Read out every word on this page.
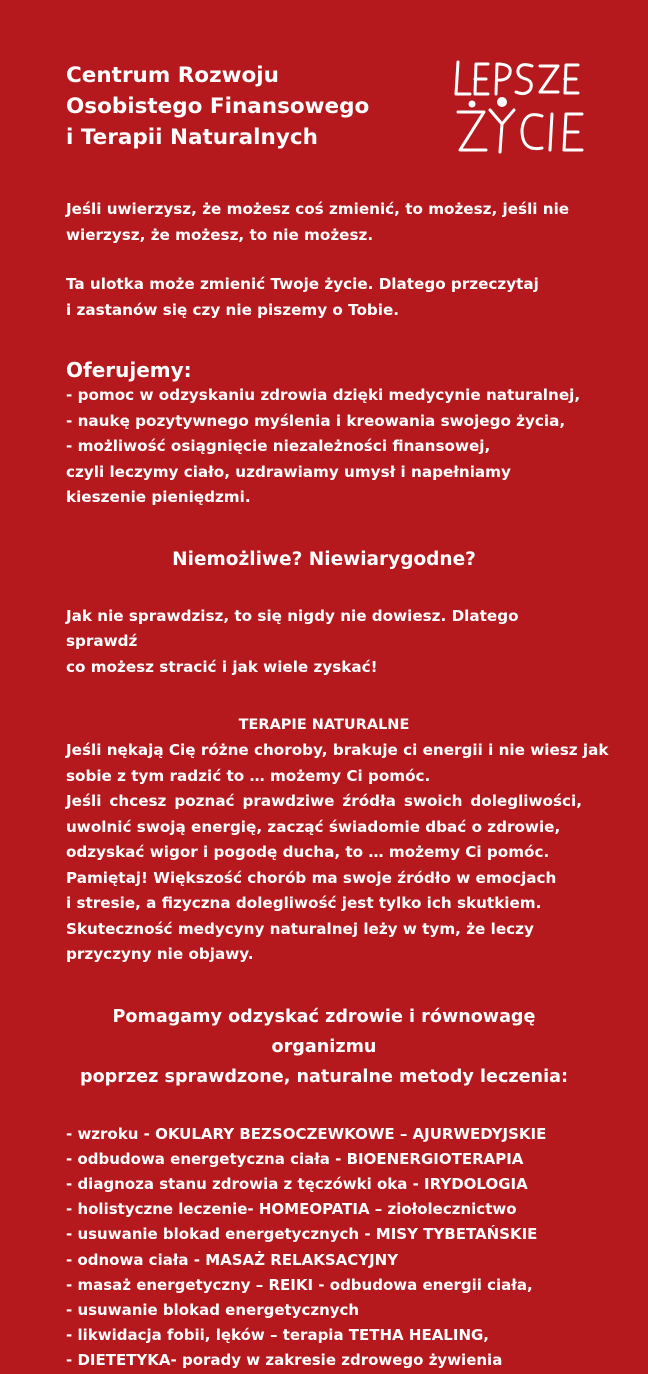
Centrum Rozwoju
Osobistego Finansowego
i Terapii Naturalnych

Jeśli uwierzysz, że możesz coś zmienić, to możesz, jeśli nie
wierzysz, że możesz, to nie możesz.

Ta ulotka może zmienić Twoje życie. Dlatego przeczytaj
i zastanów się czy nie piszemy o Tobie.

Oferujemy:
- pomoc w odzyskaniu zdrowia dzięki medycynie naturalnej,
- naukę pozytywnego myślenia i kreowania swojego życia,
- możliwość osiągnięcie niezależności finansowej,
czyli leczymy ciało, uzdrawiamy umysł i napełniamy
kieszenie pieniędzmi.
Niemożliwe? Niewiarygodne?

Jak nie sprawdzisz, to się nigdy nie dowiesz. Dlatego sprawdź
co możesz stracić i jak wiele zyskać!

TERAPIE NATURALNE
Jeśli nękają Cię różne choroby, brakuje ci energii i nie wiesz jak
sobie z tym radzić to … możemy Ci pomóc.
Jeśli chcesz poznać prawdziwe źródła swoich dolegliwości,
uwolnić swoją energię, zacząć świadomie dbać o zdrowie,
odzyskać wigor i pogodę ducha, to … możemy Ci pomóc.
Pamiętaj! Większość chorób ma swoje źródło w emocjach
i stresie, a fizyczna dolegliwość jest tylko ich skutkiem.
Skuteczność medycyny naturalnej leży w tym, że leczy
przyczyny nie objawy.
Pomagamy odzyskać zdrowie i równowagę organizmu
poprzez sprawdzone, naturalne metody leczenia:
- wzroku - OKULARY BEZSOCZEWKOWE – AJURWEDYJSKIE
- odbudowa energetyczna ciała - BIOENERGIOTERAPIA
- diagnoza stanu zdrowia z tęczówki oka - IRYDOLOGIA
- holistyczne leczenie- HOMEOPATIA – ziołolecznictwo
- usuwanie blokad energetycznych - MISY TYBETAŃSKIE
- odnowa ciała - MASAŻ RELAKSACYJNY
- masaż energetyczny – REIKI - odbudowa energii ciała,
- usuwanie blokad energetycznych
- likwidacja fobii, lęków – terapia TETHA HEALING,
- DIETETYKA- porady w zakresie zdrowego żywienia
